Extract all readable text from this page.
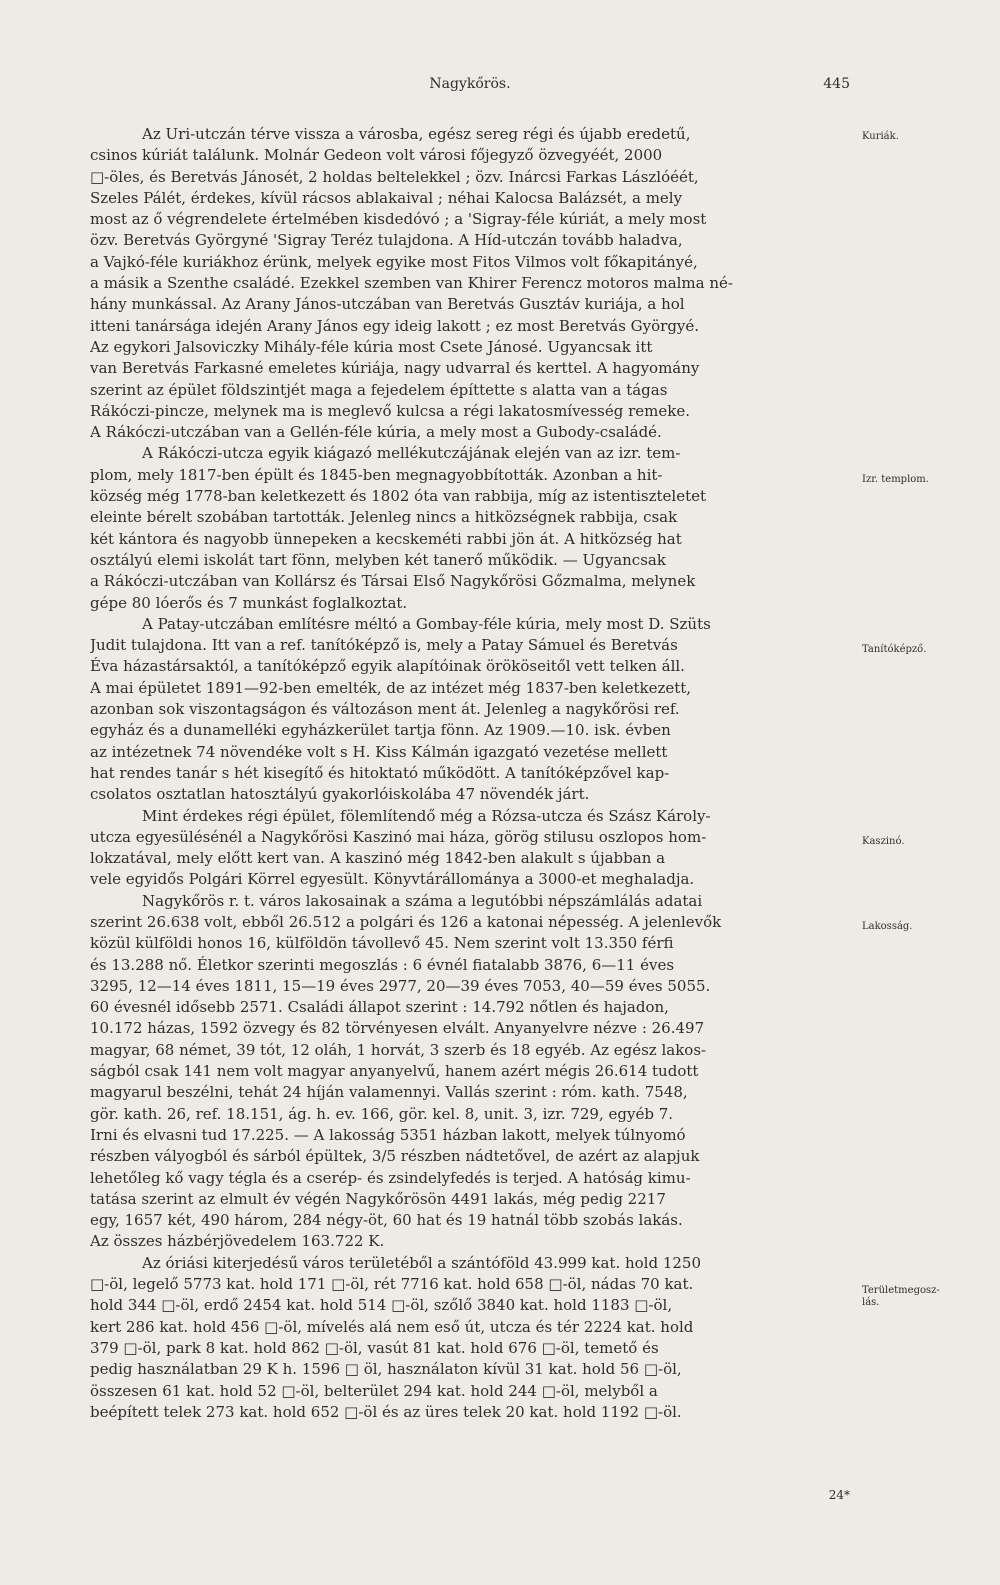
Nagykőrös.	445
Az Uri-utczán térve vissza a városba, egész sereg régi és újabb eredetű,
csinos kúriát találunk. Molnár Gedeon volt városi főjegyző özvegyéét, 2000
□-öles, és Beretvás Jánosét, 2 holdas beltelekkel ; özv. Inárcsi Farkas Lászlóéét,
Szeles Pálét, érdekes, kívül rácsos ablakaival ; néhai Kalocsa Balázsét, a mely
most az ő végrendelete értelmében kisdedóvó ; a 'Sigray-féle kúriát, a mely most
özv. Beretvás Györgyné 'Sigray Teréz tulajdona. A Híd-utczán tovább haladva,
a Vajkó-féle kuriákhoz érünk, melyek egyike most Fitos Vilmos volt főkapitányé,
a másik a Szenthe családé. Ezekkel szemben van Khirer Ferencz motoros malma né-
hány munkással. Az Arany János-utczában van Beretvás Gusztáv kuriája, a hol
itteni tanársága idején Arany János egy ideig lakott ; ez most Beretvás Györgyé.
Az egykori Jalsoviczky Mihály-féle kúria most Csete Jánosé. Ugyancsak itt
van Beretvás Farkasné emeletes kúriája, nagy udvarral és kerttel. A hagyomány
szerint az épület földszintjét maga a fejedelem építtette s alatta van a tágas
Rákóczi-pincze, melynek ma is meglevő kulcsa a régi lakatosmívesség remeke.
A Rákóczi-utczában van a Gellén-féle kúria, a mely most a Gubody-családé.
A Rákóczi-utcza egyik kiágazó mellékutczájának elején van az izr. tem-
plom, mely 1817-ben épült és 1845-ben megnagyobbították. Azonban a hit-
község még 1778-ban keletkezett és 1802 óta van rabbija, míg az istentiszteletet
eleinte bérelt szobában tartották. Jelenleg nincs a hitközségnek rabbija, csak
két kántora és nagyobb ünnepeken a kecskeméti rabbi jön át. A hitközség hat
osztályú elemi iskolát tart fönn, melyben két tanerő működik. — Ugyancsak
a Rákóczi-utczában van Kollársz és Társai Első Nagykőrösi Gőzmalma, melynek
gépe 80 lóerős és 7 munkást foglalkoztat.
A Patay-utczában említésre méltó a Gombay-féle kúria, mely most D. Szüts
Judit tulajdona. Itt van a ref. tanítóképző is, mely a Patay Sámuel és Beretvás
Éva házastársaktól, a tanítóképző egyik alapítóinak örököseitől vett telken áll.
A mai épületet 1891—92-ben emelték, de az intézet még 1837-ben keletkezett,
azonban sok viszontagságon és változáson ment át. Jelenleg a nagykőrösi ref.
egyház és a dunamelléki egyházkerület tartja fönn. Az 1909.—10. isk. évben
az intézetnek 74 növendéke volt s H. Kiss Kálmán igazgató vezetése mellett
hat rendes tanár s hét kisegítő és hitoktató működött. A tanítóképzővel kap-
csolatos osztatlan hatosztályú gyakorlóiskolába 47 növendék járt.
Mint érdekes régi épület, fölemlítendő még a Rózsa-utcza és Szász Károly-
utcza egyesülésénél a Nagykőrösi Kaszinó mai háza, görög stilusu oszlopos hom-
lokzatával, mely előtt kert van. A kaszinó még 1842-ben alakult s újabban a
vele egyidős Polgári Körrel egyesült. Könyvtárállománya a 3000-et meghaladja.
Nagykőrös r. t. város lakosainak a száma a legutóbbi népszámlálás adatai
szerint 26.638 volt, ebből 26.512 a polgári és 126 a katonai népesség. A jelenlevők
közül külföldi honos 16, külföldön távollevő 45. Nem szerint volt 13.350 férfi
és 13.288 nő. Életkor szerinti megoszlás : 6 évnél fiatalabb 3876, 6—11 éves
3295, 12—14 éves 1811, 15—19 éves 2977, 20—39 éves 7053, 40—59 éves 5055.
60 évesnél idősebb 2571. Családi állapot szerint : 14.792 nőtlen és hajadon,
10.172 házas, 1592 özvegy és 82 törvényesen elvált. Anyanyelvre nézve : 26.497
magyar, 68 német, 39 tót, 12 oláh, 1 horvát, 3 szerb és 18 egyéb. Az egész lakos-
ságból csak 141 nem volt magyar anyanyelvű, hanem azért mégis 26.614 tudott
magyarul beszélni, tehát 24 híján valamennyi. Vallás szerint : róm. kath. 7548,
gör. kath. 26, ref. 18.151, ág. h. ev. 166, gör. kel. 8, unit. 3, izr. 729, egyéb 7.
Irni és elvasni tud 17.225. — A lakosság 5351 házban lakott, melyek túlnyomó
részben vályogból és sárból épültek, 3/5 részben nádtetővel, de azért az alapjuk
lehetőleg kő vagy tégla és a cserép- és zsindelyfedés is terjed. A hatóság kimu-
tatása szerint az elmult év végén Nagykőrösön 4491 lakás, még pedig 2217
egy, 1657 két, 490 három, 284 négy-öt, 60 hat és 19 hatnál több szobás lakás.
Az összes házbérjövedelem 163.722 K.
Az óriási kiterjedésű város területéből a szántóföld 43.999 kat. hold 1250
□-öl, legelő 5773 kat. hold 171 □-öl, rét 7716 kat. hold 658 □-öl, nádas 70 kat.
hold 344 □-öl, erdő 2454 kat. hold 514 □-öl, szőlő 3840 kat. hold 1183 □-öl,
kert 286 kat. hold 456 □-öl, mívelés alá nem eső út, utcza és tér 2224 kat. hold
379 □-öl, park 8 kat. hold 862 □-öl, vasút 81 kat. hold 676 □-öl, temető és
pedig használatban 29 K h. 1596 □ öl, használaton kívül 31 kat. hold 56 □-öl,
összesen 61 kat. hold 52 □-öl, belterület 294 kat. hold 244 □-öl, melyből a
beépített telek 273 kat. hold 652 □-öl és az üres telek 20 kat. hold 1192 □-öl.
Kuriák.
Izr. templom.
Tanítóképző.
Kaszinó.
Lakosság.
Területmegosz-
lás.
24*
